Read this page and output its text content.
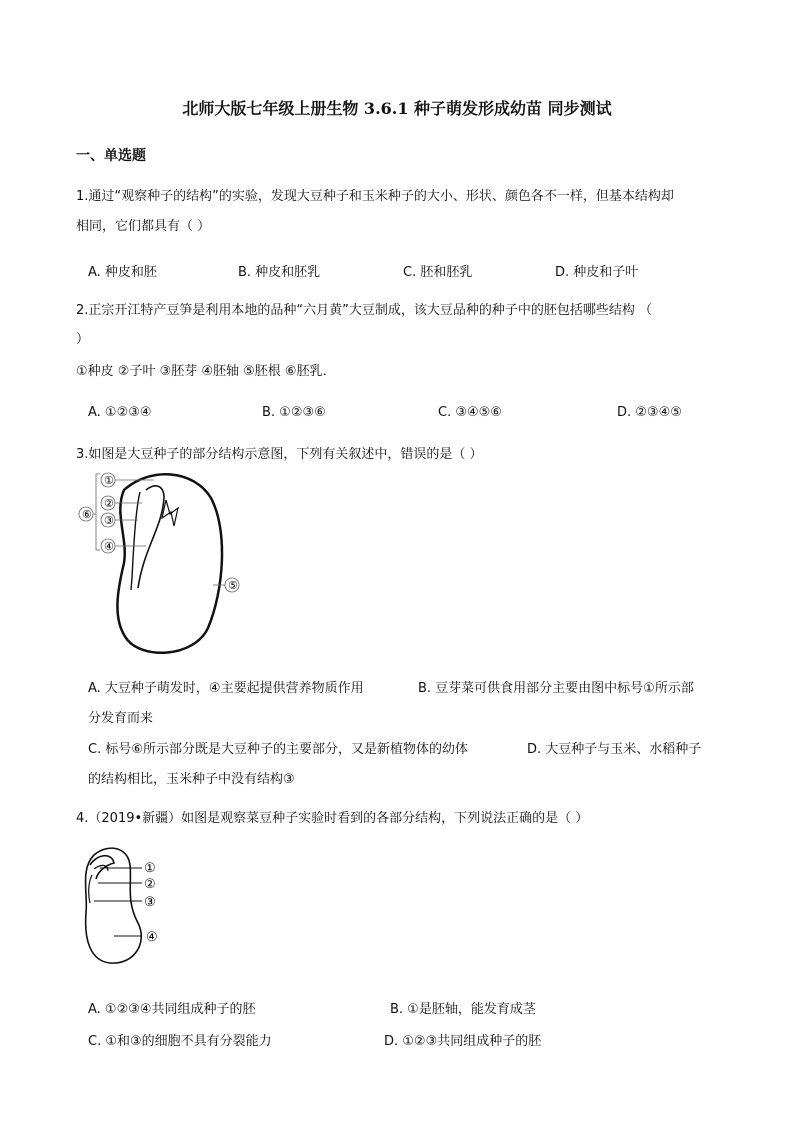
北师大版七年级上册生物 3.6.1 种子萌发形成幼苗 同步测试
一、单选题
1.通过“观察种子的结构”的实验，发现大豆种子和玉米种子的大小、形状、颜色各不一样，但基本结构却
相同，它们都具有（ ）
A. 种皮和胚	B. 种皮和胚乳	C. 胚和胚乳	D. 种皮和子叶
2.正宗开江特产豆笋是利用本地的品种“六月黄”大豆制成，该大豆品种的种子中的胚包括哪些结构 （
）
①种皮 ②子叶 ③胚芽 ④胚轴 ⑤胚根 ⑥胚乳．
A. ①②③④	B. ①②③⑥	C. ③④⑤⑥	D. ②③④⑤
3.如图是大豆种子的部分结构示意图，下列有关叙述中，错误的是（ ）
①
②
③
④
⑤
⑥
A. 大豆种子萌发时，④主要起提供营养物质作用	B. 豆芽菜可供食用部分主要由图中标号①所示部
分发育而来
C. 标号⑥所示部分既是大豆种子的主要部分，又是新植物体的幼体	D. 大豆种子与玉米、水稻种子
的结构相比，玉米种子中没有结构③
4.（2019•新疆）如图是观察菜豆种子实验时看到的各部分结构，下列说法正确的是（ ）
①
②
③
④
A. ①②③④共同组成种子的胚	B. ①是胚轴，能发育成茎
C. ①和③的细胞不具有分裂能力	D. ①②③共同组成种子的胚
